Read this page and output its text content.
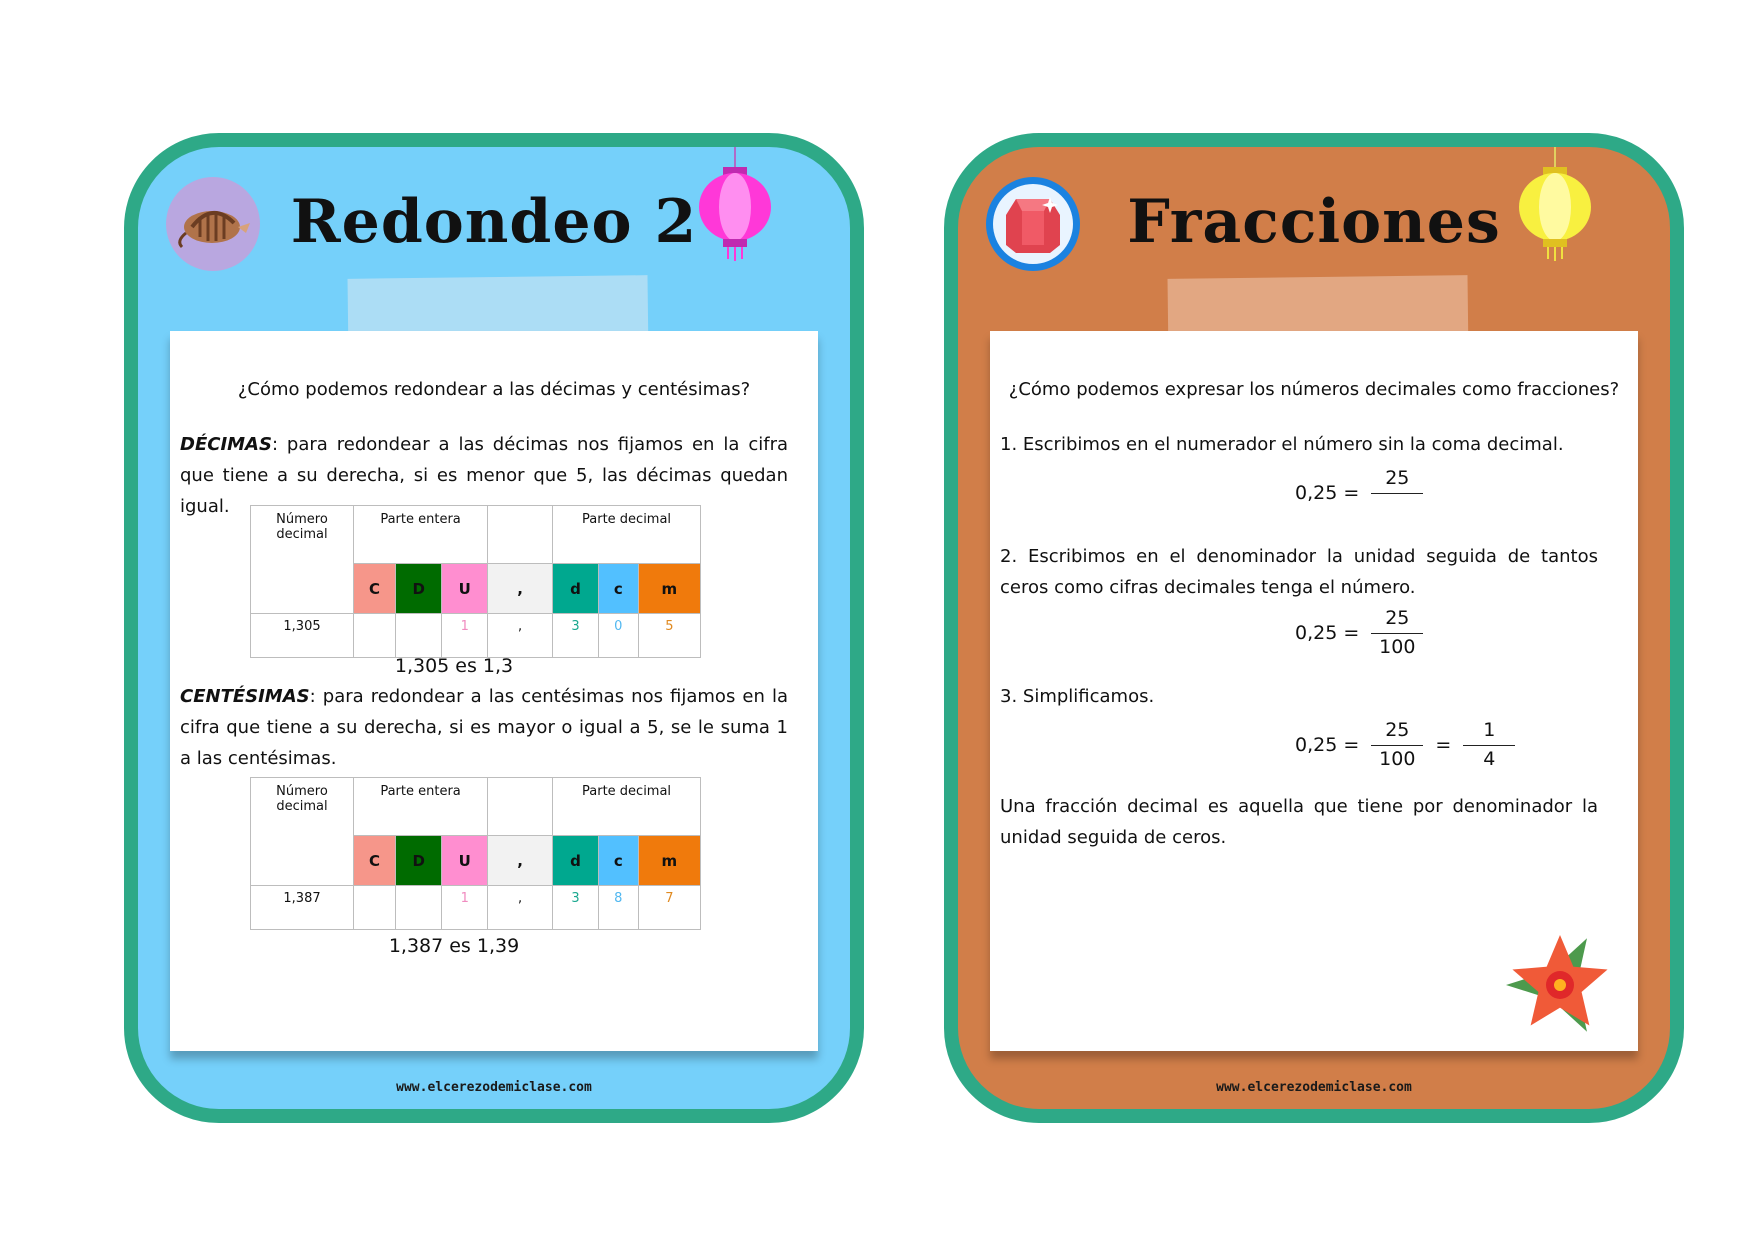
Redondeo 2
¿Cómo podemos redondear a las décimas y centésimas?
DÉCIMAS: para redondear a las décimas nos fijamos en la cifra que tiene a su derecha, si es menor que 5, las décimas quedan igual.
Número decimal	Parte entera				Parte decimal		
	C	D	U	,	d	c	m
1,305			1	,	3	0	5
1,305 es 1,3
CENTÉSIMAS: para redondear a las centésimas nos fijamos en la cifra que tiene a su derecha, si es mayor o igual a 5, se le suma 1 a las centésimas.
Número decimal	Parte entera				Parte decimal		
	C	D	U	,	d	c	m
1,387			1	,	3	8	7
1,387 es 1,39
www.elcerezodemiclase.com
Fracciones
¿Cómo podemos expresar los números decimales como fracciones?
1. Escribimos en el numerador el número sin la coma decimal.
0,25 =
25
2. Escribimos en el denominador la unidad seguida de tantos ceros como cifras decimales tenga el número.
$0,25 = \frac{25}{100}$
3. Simplificamos.
$0,25 = \frac{25}{100} = \frac{1}{4}$
Una fracción decimal es aquella que tiene por denominador la unidad seguida de ceros.
www.elcerezodemiclase.com
